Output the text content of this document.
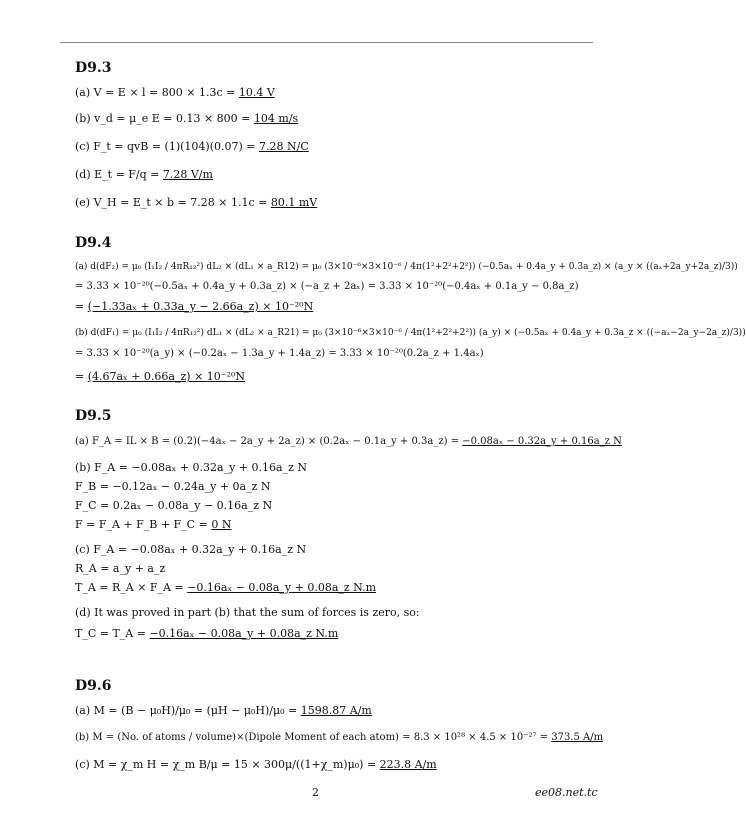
D9.3
(a) V = E × l = 800 × 1.3c = 10.4 V
(b) v_d = μ_e E = 0.13 × 800 = 104 m/s
(c) F_t = qvB = (1)(104)(0.07) = 7.28 N/C
(d) E_t = F/q = 7.28 V/m
(e) V_H = E_t × b = 7.28 × 1.1c = 80.1 mV
D9.4
(a) d(dF₂) = μ₀ (I₁I₂ / 4πR₁₂²) dL₂ × (dL₁ × a_R12) = μ₀ (3×10⁻⁶×3×10⁻⁶ / 4π(1²+2²+2²)) (−0.5aₓ + 0.4a_y + 0.3a_z) × (a_y × ((aₓ+2a_y+2a_z)/3))
= 3.33 × 10⁻²⁰(−0.5aₓ + 0.4a_y + 0.3a_z) × (−a_z + 2aₓ) = 3.33 × 10⁻²⁰(−0.4aₓ + 0.1a_y − 0.8a_z)
= (−1.33aₓ + 0.33a_y − 2.66a_z) × 10⁻²⁰N
(b) d(dF₁) = μ₀ (I₁I₂ / 4πR₁₂²) dL₁ × (dL₂ × a_R21) = μ₀ (3×10⁻⁶×3×10⁻⁶ / 4π(1²+2²+2²)) (a_y) × (−0.5aₓ + 0.4a_y + 0.3a_z × ((−aₓ−2a_y−2a_z)/3))
= 3.33 × 10⁻²⁰(a_y) × (−0.2aₓ − 1.3a_y + 1.4a_z) = 3.33 × 10⁻²⁰(0.2a_z + 1.4aₓ)
= (4.67aₓ + 0.66a_z) × 10⁻²⁰N
D9.5
(a) F_A = IL × B = (0.2)(−4aₓ − 2a_y + 2a_z) × (0.2aₓ − 0.1a_y + 0.3a_z) = −0.08aₓ − 0.32a_y + 0.16a_z N
(b) F_A = −0.08aₓ + 0.32a_y + 0.16a_z N
F_B = −0.12aₓ − 0.24a_y + 0a_z N
F_C = 0.2aₓ − 0.08a_y − 0.16a_z N
F = F_A + F_B + F_C = 0 N
(c) F_A = −0.08aₓ + 0.32a_y + 0.16a_z N
R_A = a_y + a_z
T_A = R_A × F_A = −0.16aₓ − 0.08a_y + 0.08a_z N.m
(d) It was proved in part (b) that the sum of forces is zero, so:
T_C = T_A = −0.16aₓ − 0.08a_y + 0.08a_z N.m
D9.6
(a) M = (B − μ₀H)/μ₀ = (μH − μ₀H)/μ₀ = 1598.87 A/m
(b) M = (No. of atoms / volume)×(Dipole Moment of each atom) = 8.3 × 10²⁸ × 4.5 × 10⁻²⁷ = 373.5 A/m
(c) M = χ_m H = χ_m B/μ = 15 × 300μ/((1+χ_m)μ₀) = 223.8 A/m
2	ee08.net.tc
